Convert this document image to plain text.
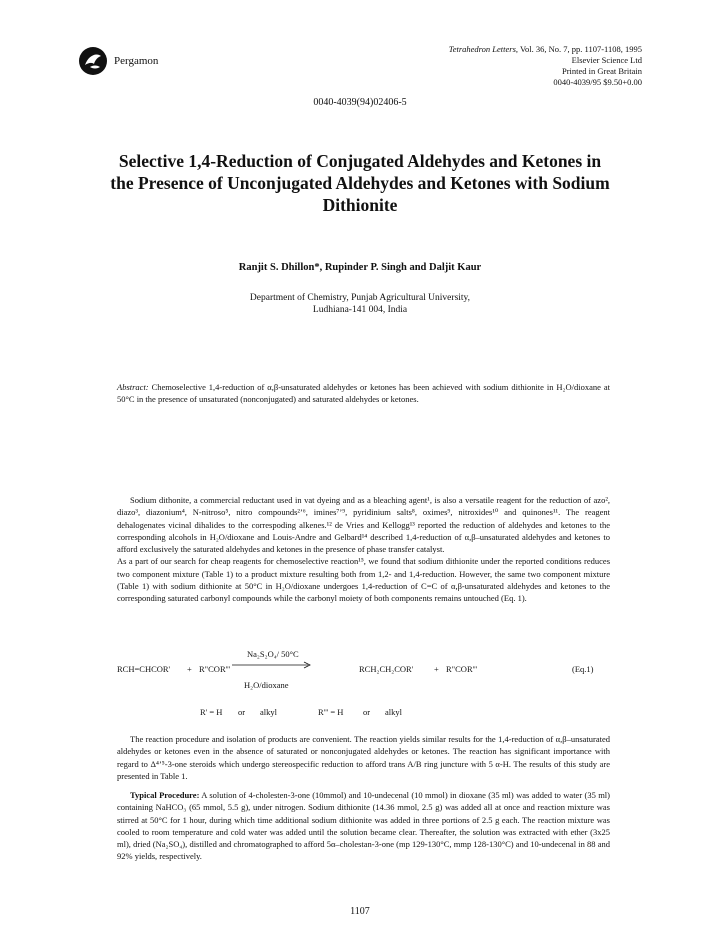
Pergamon
Tetrahedron Letters, Vol. 36, No. 7, pp. 1107-1108, 1995
Elsevier Science Ltd
Printed in Great Britain
0040-4039/95 $9.50+0.00
0040-4039(94)02406-5
Selective 1,4-Reduction of Conjugated Aldehydes and Ketones in
the Presence of Unconjugated Aldehydes and Ketones with Sodium
Dithionite
Ranjit S. Dhillon*, Rupinder P. Singh and Daljit Kaur
Department of Chemistry, Punjab Agricultural University,
Ludhiana-141 004, India
Abstract: Chemoselective 1,4-reduction of α,β-unsaturated aldehydes or ketones has been achieved with sodium dithionite in H₂O/dioxane at 50°C in the presence of unsaturated (nonconjugated) and saturated aldehydes or ketones.

Sodium dithonite, a commercial reductant used in vat dyeing and as a bleaching agent¹, is also a versatile reagent for the reduction of azo², diazo³, diazonium⁴, N-nitroso⁵, nitro compounds²ʼ⁶, imines⁷ʼ⁹, pyridinium salts⁸, oximes⁹, nitroxides¹⁰ and quinones¹¹. The reagent dehalogenates vicinal dihalides to the correspoding alkenes.¹² de Vries and Kellogg¹³ reported the reduction of aldehydes and ketones to the corresponding alcohols in H₂O/dioxane and Louis-Andre and Gelbard¹⁴ described 1,4-reduction of α,β–unsaturated aldehydes and ketones to afford exclusively the saturated aldehydes and ketones in the presence of phase transfer catalyst.

As a part of our search for cheap reagents for chemoselective reaction¹⁵, we found that sodium dithionite under the reported conditions reduces two component mixture (Table 1) to a product mixture resulting both from 1,2- and 1,4-reduction. However, the same two component mixture (Table 1) with sodium dithionite at 50°C in H₂O/dioxane undergoes 1,4-reduction of C=C of α,β-unsaturated aldehydes and ketones to the corresponding saturated carbonyl compounds while the carbonyl moiety of both components remains untouched (Eq. 1).

Na₂S₂O₄/ 50°C
RCH=CHCOR' + R"COR'''	RCH₂CH₂COR' + R"COR'''	(Eq.1)
H₂O/dioxane
R' = H or alkyl	R''' = H or alkyl

The reaction procedure and isolation of products are convenient. The reaction yields similar results for the 1,4-reduction of α,β–unsaturated aldehydes or ketones even in the absence of saturated or nonconjugated aldehydes or ketones. The reaction has significant importance with regard to Δ⁴ʼ⁵-3-one steroids which undergo stereospecific reduction to afford trans A/B ring juncture with 5 α-H. The results of this study are presented in Table 1.

Typical Procedure: A solution of 4-cholesten-3-one (10mmol) and 10-undecenal (10 mmol) in dioxane (35 ml) was added to water (35 ml) containing NaHCO₃ (65 mmol, 5.5 g), under nitrogen. Sodium dithionite (14.36 mmol, 2.5 g) was added all at once and reaction mixture was stirred at 50°C for 1 hour, during which time additional sodium dithionite was added in three portions of 2.5 g each. The reaction mixture was cooled to room temperature and cold water was added until the solution became clear. Thereafter, the solution was extracted with ether (3x25 ml), dried (Na₂SO₄), distilled and chromatographed to afford 5α–cholestan-3-one (mp 129-130°C, mmp 128-130°C) and 10-undecenal in 88 and 92% yields, respectively.

1107
